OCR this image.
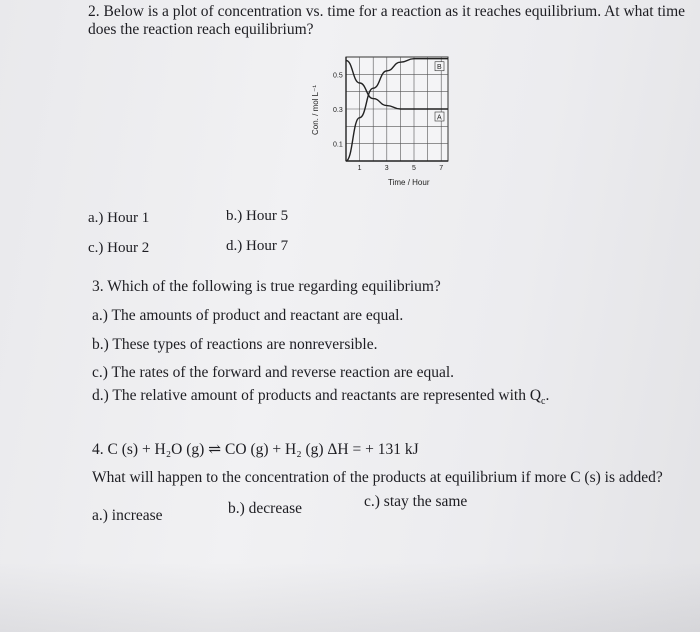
2. Below is a plot of concentration vs. time for a reaction as it reaches equilibrium. At what time
does the reaction reach equilibrium?
B
A
1	3	5	7
0.5
0.3
0.1
Con. / mol L⁻¹
Time / Hour
a.) Hour 1	b.) Hour 5
c.) Hour 2	d.) Hour 7
3. Which of the following is true regarding equilibrium?
a.) The amounts of product and reactant are equal.
b.) These types of reactions are nonreversible.
c.) The rates of the forward and reverse reaction are equal.
d.) The relative amount of products and reactants are represented with $Q_c$.
4. C (s) + H₂O (g) ⇌ CO (g) + H₂ (g) ΔH = + 131 kJ
What will happen to the concentration of the products at equilibrium if more C (s) is added?
a.) increase	b.) decrease	c.) stay the same
